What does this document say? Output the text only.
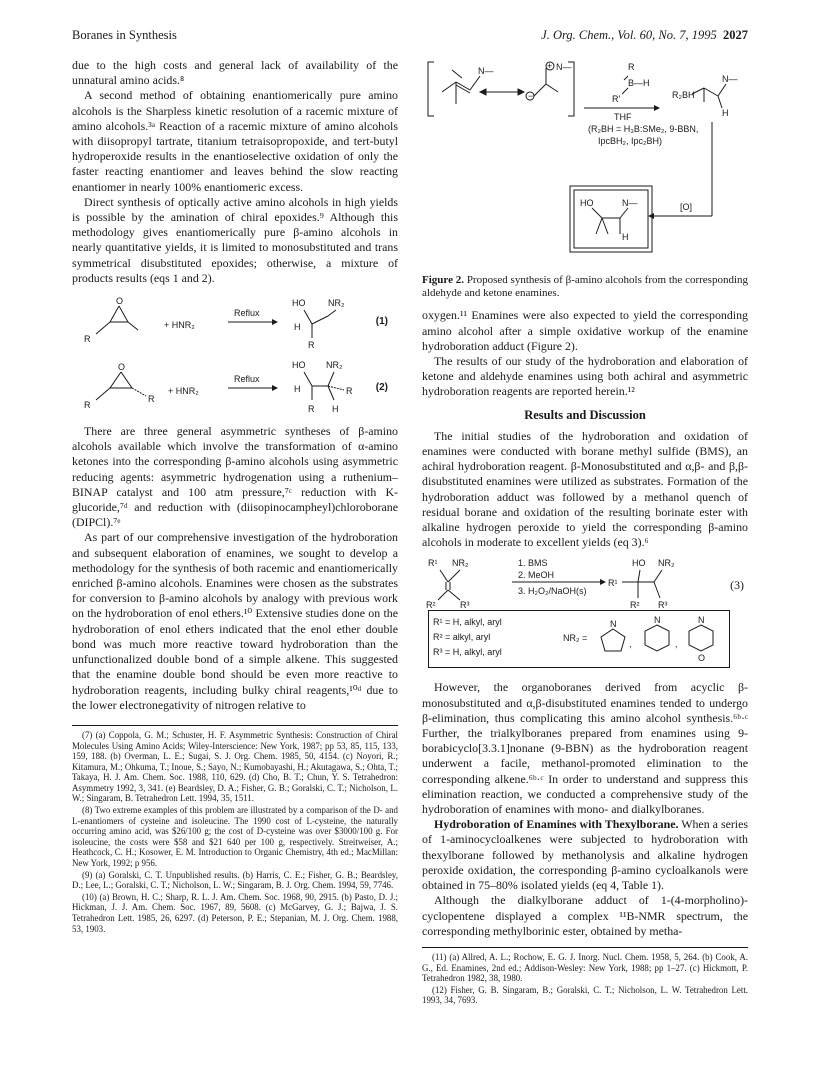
Boranes in Synthesis	J. Org. Chem., Vol. 60, No. 7, 1995 2027

due to the high costs and general lack of availability of the unnatural amino acids.⁸

A second method of obtaining enantiomerically pure amino alcohols is the Sharpless kinetic resolution of a racemic mixture of amino alcohols.³ᵃ Reaction of a racemic mixture of amino alcohols with diisopropyl tartrate, titanium tetraisopropoxide, and tert-butyl hydroperoxide results in the enantioselective oxidation of only the faster reacting enantiomer and leaves behind the slow reacting enantiomer in nearly 100% enantiomeric excess.

Direct synthesis of optically active amino alcohols in high yields is possible by the amination of chiral epoxides.⁹ Although this methodology gives enantiomerically pure β-amino alcohols in nearly quantitative yields, it is limited to monosubstituted and trans symmetrical disubstituted epoxides; otherwise, a mixture of products results (eqs 1 and 2).

O
R
+ HNR₂
Reflux
HO	NR₂
H
R
(1)
O
R
R
+ HNR₂
Reflux
HO NR₂
H	R
R H
(2)

There are three general asymmetric syntheses of β-amino alcohols available which involve the transformation of α-amino ketones into the corresponding β-amino alcohols using asymmetric reducing agents: asymmetric hydrogenation using a ruthenium–BINAP catalyst and 100 atm pressure,⁷ᶜ reduction with K-glucoride,⁷ᵈ and reduction with (diisopinocampheyl)chloroborane (DIPCl).⁷ᵉ

As part of our comprehensive investigation of the hydroboration and subsequent elaboration of enamines, we sought to develop a methodology for the synthesis of both racemic and enantiomerically enriched β-amino alcohols. Enamines were chosen as the substrates for conversion to β-amino alcohols by analogy with previous work on the hydroboration of enol ethers.¹⁰ Extensive studies done on the hydroboration of enol ethers indicated that the enol ether double bond was much more reactive toward hydroboration than the unfunctionalized double bond of a simple alkene. This suggested that the enamine double bond should be even more reactive to hydroboration reagents, including bulky chiral reagents,¹⁰ᵈ due to the lower electronegativity of nitrogen relative to

(7) (a) Coppola, G. M.; Schuster, H. F. Asymmetric Synthesis: Construction of Chiral Molecules Using Amino Acids; Wiley-Interscience: New York, 1987; pp 53, 85, 115, 133, 159, 188. (b) Overman, L. E.; Sugai, S. J. Org. Chem. 1985, 50, 4154. (c) Noyori, R.; Kitamura, M.; Ohkuma, T.; Inoue, S.; Sayo, N.; Kumobayashi, H.; Akutagawa, S.; Ohta, T.; Takaya, H. J. Am. Chem. Soc. 1988, 110, 629. (d) Cho, B. T.; Chun, Y. S. Tetrahedron: Asymmetry 1992, 3, 341. (e) Beardsley, D. A.; Fisher, G. B.; Goralski, C. T.; Nicholson, L. W.; Singaram, B. Tetrahedron Lett. 1994, 35, 1511.

(8) Two extreme examples of this problem are illustrated by a comparison of the D- and L-enantiomers of cysteine and isoleucine. The 1990 cost of L-cysteine, the naturally occurring amino acid, was $26/100 g; the cost of D-cysteine was over $3000/100 g. For isoleucine, the costs were $58 and $21 640 per 100 g, respectively. Streitweiser, A.; Heathcock, C. H.; Kosower, E. M. Introduction to Organic Chemistry, 4th ed.; MacMillan: New York, 1992; p 956.

(9) (a) Goralski, C. T. Unpublished results. (b) Harris, C. E.; Fisher, G. B.; Beardsley, D.; Lee, L.; Goralski, C. T.; Nicholson, L. W.; Singaram, B. J. Org. Chem. 1994, 59, 7746.

(10) (a) Brown, H. C.; Sharp, R. L. J. Am. Chem. Soc. 1968, 90, 2915. (b) Pasto, D. J.; Hickman, J. J. Am. Chem. Soc. 1967, 89, 5608. (c) McGarvey, G. J.; Bajwa, J. S. Tetrahedron Lett. 1985, 26, 6297. (d) Peterson, P. E.; Stepanian, M. J. Org. Chem. 1988, 53, 1903.

N—
−
+ N—	R
B—H
R'
THF
(R₂BH = H₃B:SMe₂, 9-BBN,
IpcBH₂, Ipc₂BH)
R₂BH
N—
H
[O]
HO	N—
H
Figure 2. Proposed synthesis of β-amino alcohols from the corresponding aldehyde and ketone enamines.

oxygen.¹¹ Enamines were also expected to yield the corresponding amino alcohol after a simple oxidative workup of the enamine hydroboration adduct (Figure 2).

The results of our study of the hydroboration and elaboration of ketone and aldehyde enamines using both achiral and asymmetric hydroboration reagents are reported herein.¹²

Results and Discussion

The initial studies of the hydroboration and oxidation of enamines were conducted with borane methyl sulfide (BMS), an achiral hydroboration reagent. β-Monosubstituted and α,β- and β,β-disubstituted enamines were utilized as substrates. Formation of the hydroboration adduct was followed by a methanol quench of residual borane and oxidation of the resulting borinate ester with alkaline hydrogen peroxide to yield the corresponding β-amino alcohols in moderate to excellent yields (eq 3).⁶

R¹ NR₂
R²	R³
1. BMS
2. MeOH
3. H₂O₂/NaOH(s)
HO NR₂
R¹
R² R³
(3)
R¹ = H, alkyl, aryl
R² = alkyl, aryl
R³ = H, alkyl, aryl
NR₂ =
N	N	N
O
,	,

However, the organoboranes derived from acyclic β-monosubstituted and α,β-disubstituted enamines tended to undergo β-elimination, thus complicating this amino alcohol synthesis.⁶ᵇ·ᶜ Further, the trialkylboranes prepared from enamines using 9-borabicyclo[3.3.1]nonane (9-BBN) as the hydroboration reagent underwent a facile, methanol-promoted elimination to the corresponding alkene.⁶ᵇ·ᶜ In order to understand and suppress this elimination reaction, we conducted a comprehensive study of the hydroboration of enamines with mono- and dialkylboranes.

Hydroboration of Enamines with Thexylborane. When a series of 1-aminocycloalkenes were subjected to hydroboration with thexylborane followed by methanolysis and alkaline hydrogen peroxide oxidation, the corresponding β-amino cycloalkanols were obtained in 75–80% isolated yields (eq 4, Table 1).

Although the dialkylborane adduct of 1-(4-morpholino)-cyclopentene displayed a complex ¹¹B-NMR spectrum, the corresponding methylborinic ester, obtained by metha-

(11) (a) Allred, A. L.; Rochow, E. G. J. Inorg. Nucl. Chem. 1958, 5, 264. (b) Cook, A. G., Ed. Enamines, 2nd ed.; Addison-Wesley: New York, 1988; pp 1–27. (c) Hickmott, P. Tetrahedron 1982, 38, 1980.

(12) Fisher, G. B. Singaram, B.; Goralski, C. T.; Nicholson, L. W. Tetrahedron Lett. 1993, 34, 7693.
